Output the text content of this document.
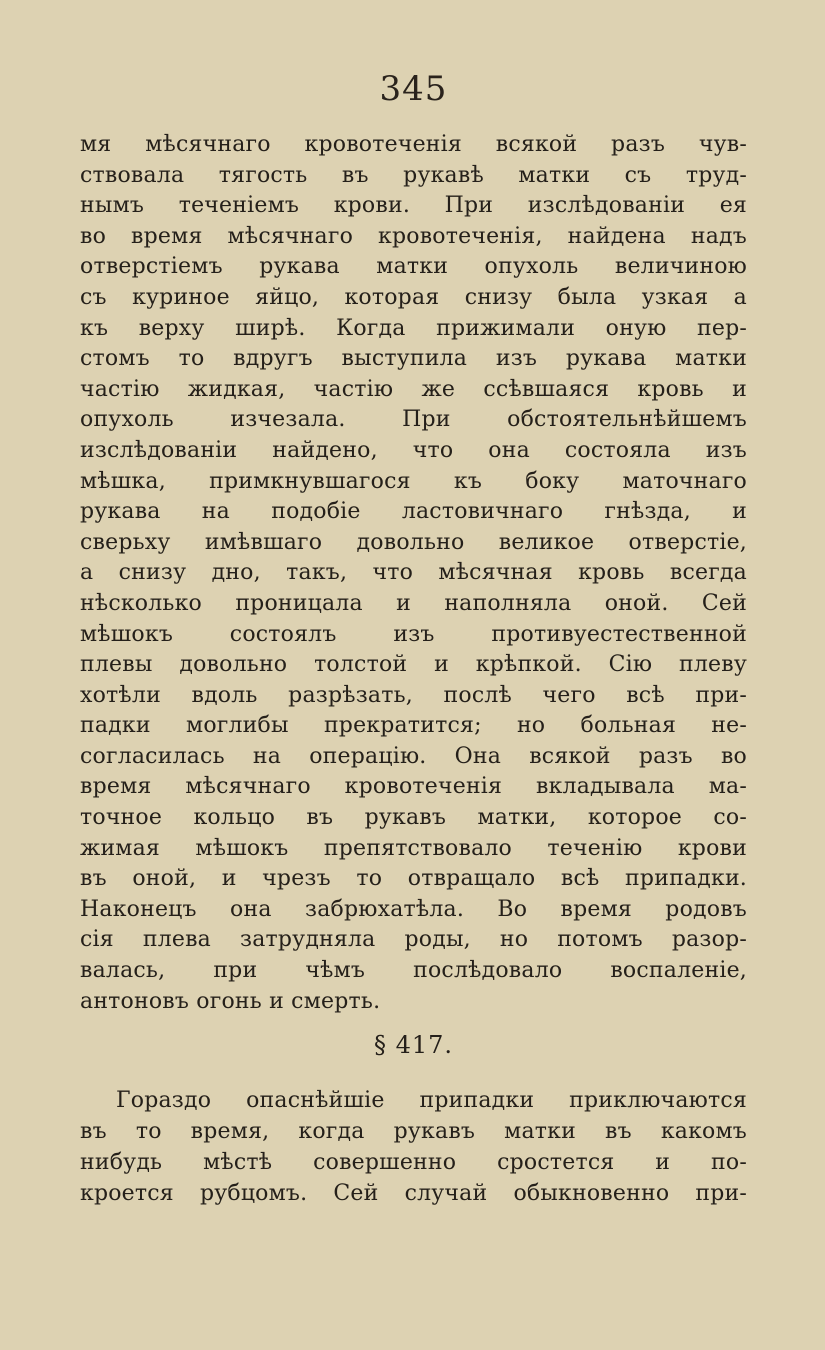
345
мя мѣсячнаго кровотеченія всякой разъ чув-
ствовала тягость въ рукавѣ матки съ труд-
нымъ теченіемъ крови. При изслѣдованіи ея
во время мѣсячнаго кровотеченія, найдена надъ
отверстіемъ рукава матки опухоль величиною
съ куриное яйцо, которая снизу была узкая а
къ верху ширѣ. Когда прижимали оную пер-
стомъ то вдругъ выступила изъ рукава матки
частію жидкая, частію же ссѣвшаяся кровь и
опухоль изчезала. При обстоятельнѣйшемъ
изслѣдованіи найдено, что она состояла изъ
мѣшка, примкнувшагося къ боку маточнаго
рукава на подобіе ластовичнаго гнѣзда, и
сверьху имѣвшаго довольно великое отверстіе,
а снизу дно, такъ, что мѣсячная кровь всегда
нѣсколько проницала и наполняла оной. Сей
мѣшокъ состоялъ изъ противуестественной
плевы довольно толстой и крѣпкой. Сію плеву
хотѣли вдоль разрѣзать, послѣ чего всѣ при-
падки моглибы прекратится; но больная не-
согласилась на операцію. Она всякой разъ во
время мѣсячнаго кровотеченія вкладывала ма-
точное кольцо въ рукавъ матки, которое со-
жимая мѣшокъ препятствовало теченію крови
въ оной, и чрезъ то отвращало всѣ припадки.
Наконецъ она забрюхатѣла. Во время родовъ
сія плева затрудняла роды, но потомъ разор-
валась, при чѣмъ послѣдовало воспаленіе,
антоновъ огонь и смерть.
§ 417.
Гораздо опаснѣйшіе припадки приключаются
въ то время, когда рукавъ матки въ какомъ
нибудь мѣстѣ совершенно сростется и по-
кроется рубцомъ. Сей случай обыкновенно при-
